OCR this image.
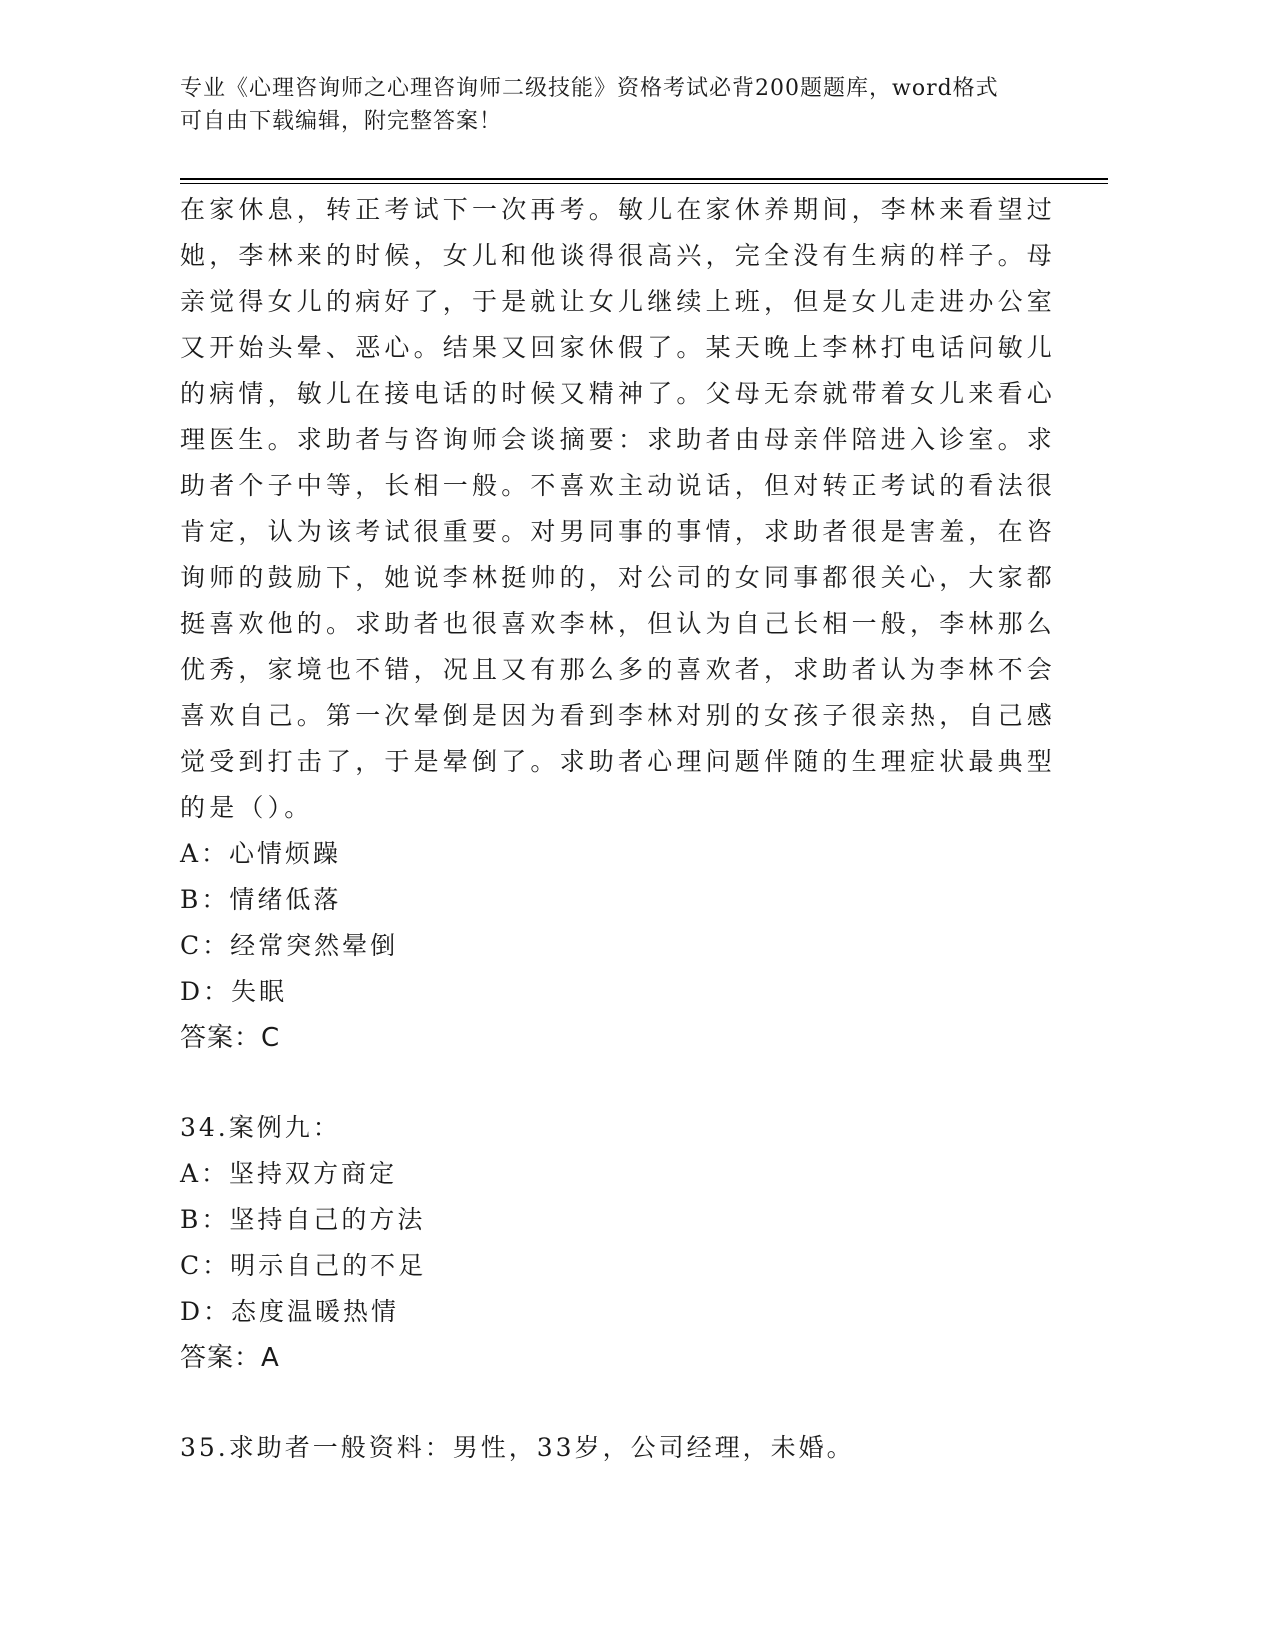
专业《心理咨询师之心理咨询师二级技能》资格考试必背200题题库，word格式
可自由下载编辑，附完整答案！
在家休息，转正考试下一次再考。敏儿在家休养期间，李林来看望过
她，李林来的时候，女儿和他谈得很高兴，完全没有生病的样子。母
亲觉得女儿的病好了，于是就让女儿继续上班，但是女儿走进办公室
又开始头晕、恶心。结果又回家休假了。某天晚上李林打电话问敏儿
的病情，敏儿在接电话的时候又精神了。父母无奈就带着女儿来看心
理医生。求助者与咨询师会谈摘要：求助者由母亲伴陪进入诊室。求
助者个子中等，长相一般。不喜欢主动说话，但对转正考试的看法很
肯定，认为该考试很重要。对男同事的事情，求助者很是害羞，在咨
询师的鼓励下，她说李林挺帅的，对公司的女同事都很关心，大家都
挺喜欢他的。求助者也很喜欢李林，但认为自己长相一般，李林那么
优秀，家境也不错，况且又有那么多的喜欢者，求助者认为李林不会
喜欢自己。第一次晕倒是因为看到李林对别的女孩子很亲热，自己感
觉受到打击了，于是晕倒了。求助者心理问题伴随的生理症状最典型
的是（）。
A：心情烦躁
B：情绪低落
C：经常突然晕倒
D：失眠
答案：C
34.案例九：
A：坚持双方商定
B：坚持自己的方法
C：明示自己的不足
D：态度温暖热情
答案：A
35.求助者一般资料：男性，33岁，公司经理，未婚。
